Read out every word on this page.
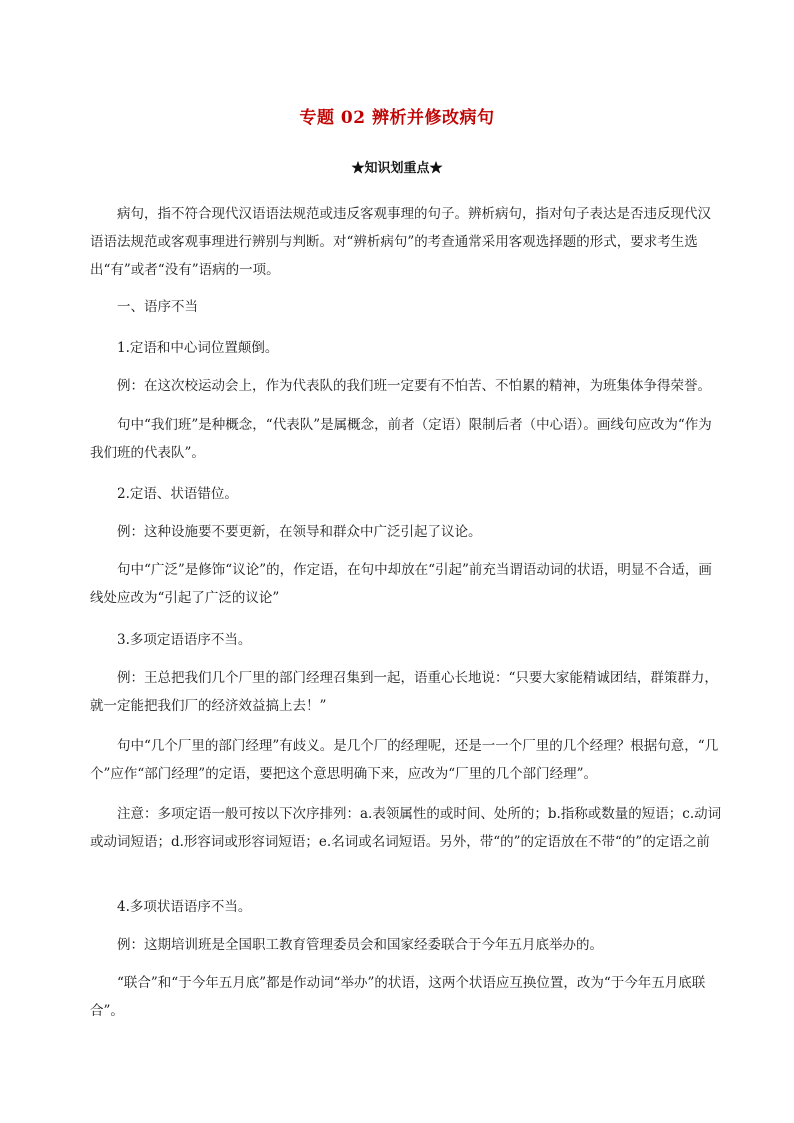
专题 02 辨析并修改病句
★知识划重点★

病句，指不符合现代汉语语法规范或违反客观事理的句子。辨析病句，指对句子表达是否违反现代汉语语法规范或客观事理进行辨别与判断。对“辨析病句”的考查通常采用客观选择题的形式，要求考生选出“有”或者“没有”语病的一项。

一、语序不当

1.定语和中心词位置颠倒。

例：在这次校运动会上，作为代表队的我们班一定要有不怕苦、不怕累的精神，为班集体争得荣誉。

句中“我们班”是种概念，“代表队”是属概念，前者（定语）限制后者（中心语）。画线句应改为“作为我们班的代表队”。

2.定语、状语错位。

例：这种设施要不要更新，在领导和群众中广泛引起了议论。

句中“广泛”是修饰“议论”的，作定语，在句中却放在“引起”前充当谓语动词的状语，明显不合适，画线处应改为“引起了广泛的议论”

3.多项定语语序不当。

例：王总把我们几个厂里的部门经理召集到一起，语重心长地说：“只要大家能精诚团结，群策群力，就一定能把我们厂的经济效益搞上去！”

句中“几个厂里的部门经理”有歧义。是几个厂的经理呢，还是一一个厂里的几个经理？根据句意，“几个”应作“部门经理”的定语，要把这个意思明确下来，应改为“厂里的几个部门经理”。

注意：多项定语一般可按以下次序排列：a.表领属性的或时间、处所的；b.指称或数量的短语；c.动词或动词短语；d.形容词或形容词短语；e.名词或名词短语。另外，带“的”的定语放在不带“的”的定语之前

4.多项状语语序不当。

例：这期培训班是全国职工教育管理委员会和国家经委联合于今年五月底举办的。

“联合”和“于今年五月底”都是作动词“举办”的状语，这两个状语应互换位置，改为“于今年五月底联合”。
